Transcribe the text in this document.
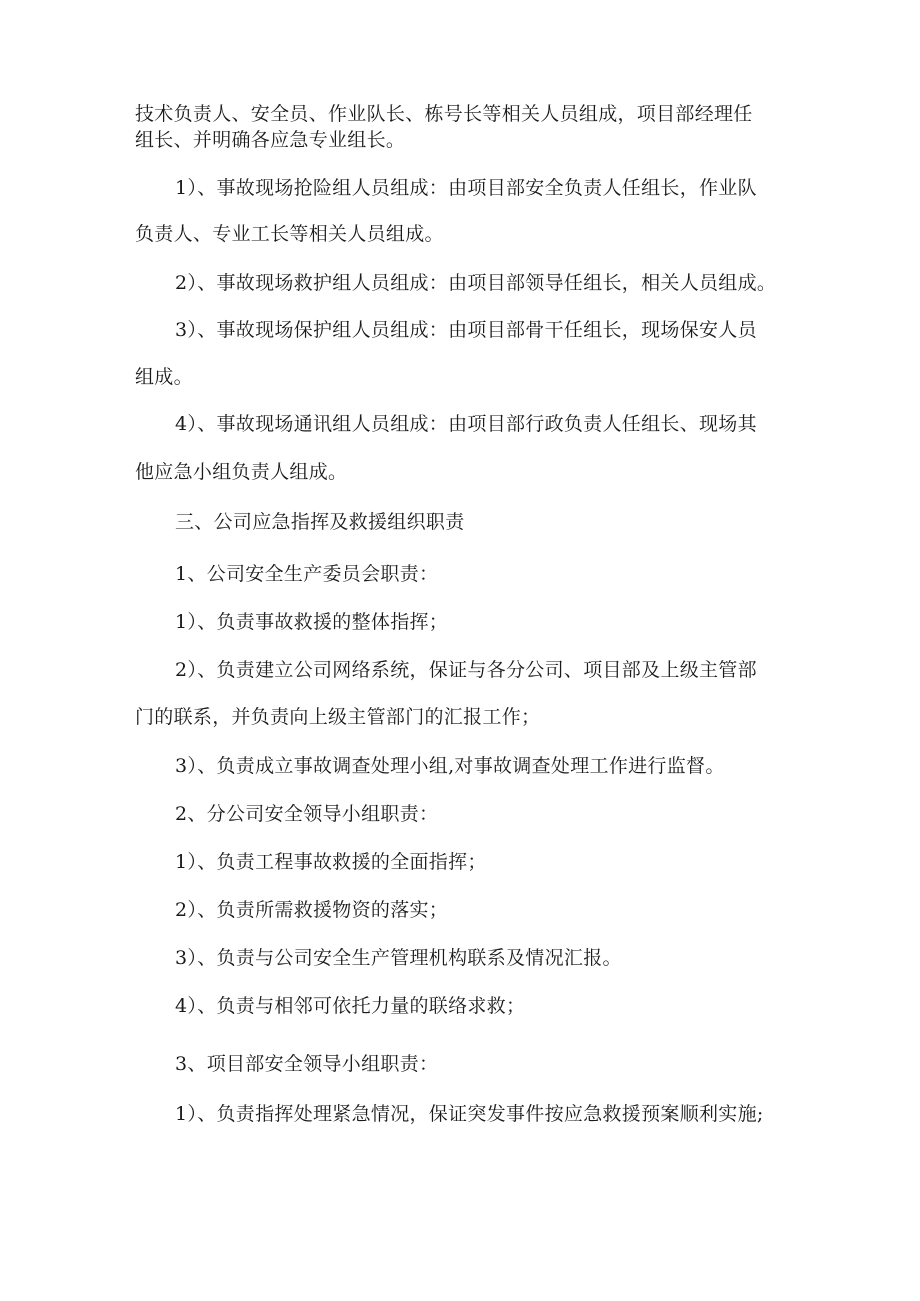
技术负责人、安全员、作业队长、栋号长等相关人员组成，项目部经理任
组长、并明确各应急专业组长。
1）、事故现场抢险组人员组成：由项目部安全负责人任组长，作业队
负责人、专业工长等相关人员组成。
2）、事故现场救护组人员组成：由项目部领导任组长，相关人员组成。
3）、事故现场保护组人员组成：由项目部骨干任组长，现场保安人员
组成。
4）、事故现场通讯组人员组成：由项目部行政负责人任组长、现场其
他应急小组负责人组成。
三、公司应急指挥及救援组织职责
1、公司安全生产委员会职责：
1）、负责事故救援的整体指挥；
2）、负责建立公司网络系统，保证与各分公司、项目部及上级主管部
门的联系，并负责向上级主管部门的汇报工作；
3）、负责成立事故调查处理小组,对事故调查处理工作进行监督。
2、分公司安全领导小组职责：
1）、负责工程事故救援的全面指挥；
2）、负责所需救援物资的落实；
3）、负责与公司安全生产管理机构联系及情况汇报。
4）、负责与相邻可依托力量的联络求救；
3、项目部安全领导小组职责：
1）、负责指挥处理紧急情况，保证突发事件按应急救援预案顺利实施;
